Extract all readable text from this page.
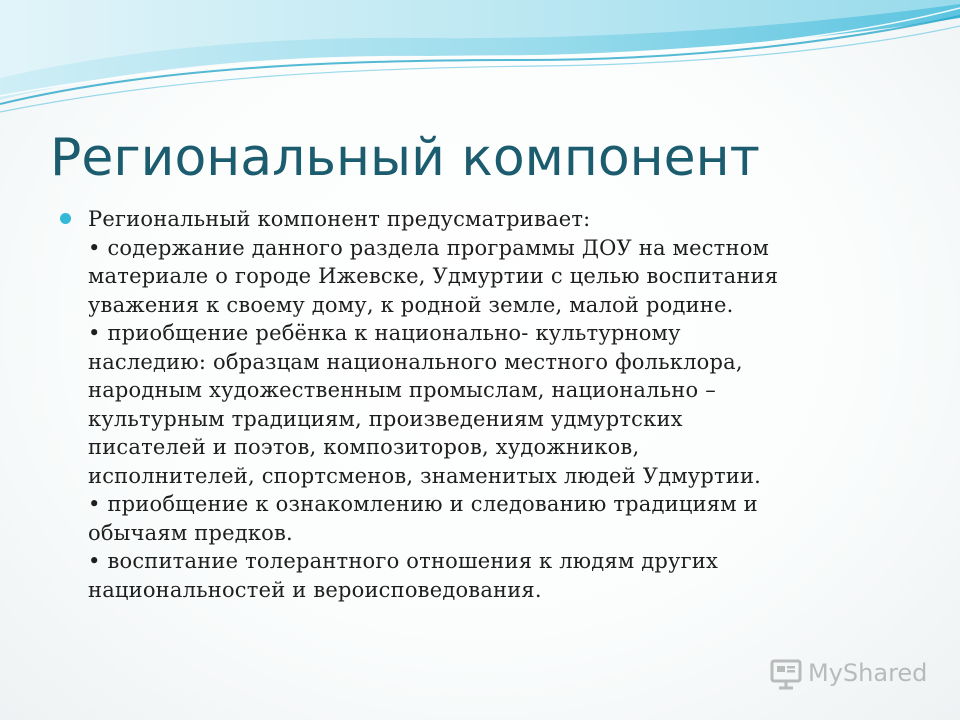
Региональный компонент
Региональный компонент предусматривает:
• содержание данного раздела программы ДОУ на местном
материале о городе Ижевске, Удмуртии с целью воспитания
уважения к своему дому, к родной земле, малой родине.
• приобщение ребёнка к национально- культурному
наследию: образцам национального местного фольклора,
народным художественным промыслам, национально –
культурным традициям, произведениям удмуртских
писателей и поэтов, композиторов, художников,
исполнителей, спортсменов, знаменитых людей Удмуртии.
• приобщение к ознакомлению и следованию традициям и
обычаям предков.
• воспитание толерантного отношения к людям других
национальностей и вероисповедования.
MyShared
